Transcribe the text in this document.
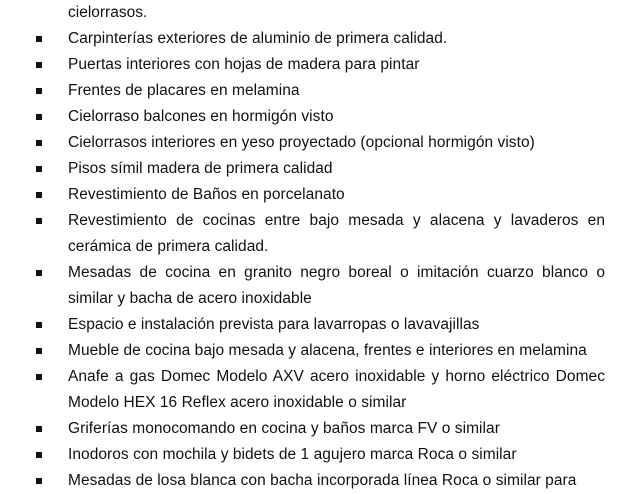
cielorrasos.
Carpinterías exteriores de aluminio de primera calidad.
Puertas interiores con hojas de madera para pintar
Frentes de placares en melamina
Cielorraso balcones en hormigón visto
Cielorrasos interiores en yeso proyectado (opcional hormigón visto)
Pisos símil madera de primera calidad
Revestimiento de Baños en porcelanato
Revestimiento de cocinas entre bajo mesada y alacena y lavaderos en cerámica de primera calidad.
Mesadas de cocina en granito negro boreal o imitación cuarzo blanco o similar y bacha de acero inoxidable
Espacio e instalación prevista para lavarropas o lavavajillas
Mueble de cocina bajo mesada y alacena, frentes e interiores en melamina
Anafe a gas Domec Modelo AXV acero inoxidable y horno eléctrico Domec Modelo HEX 16 Reflex acero inoxidable o similar
Griferías monocomando en cocina y baños marca FV o similar
Inodoros con mochila y bidets de 1 agujero marca Roca o similar
Mesadas de losa blanca con bacha incorporada línea Roca o similar para
